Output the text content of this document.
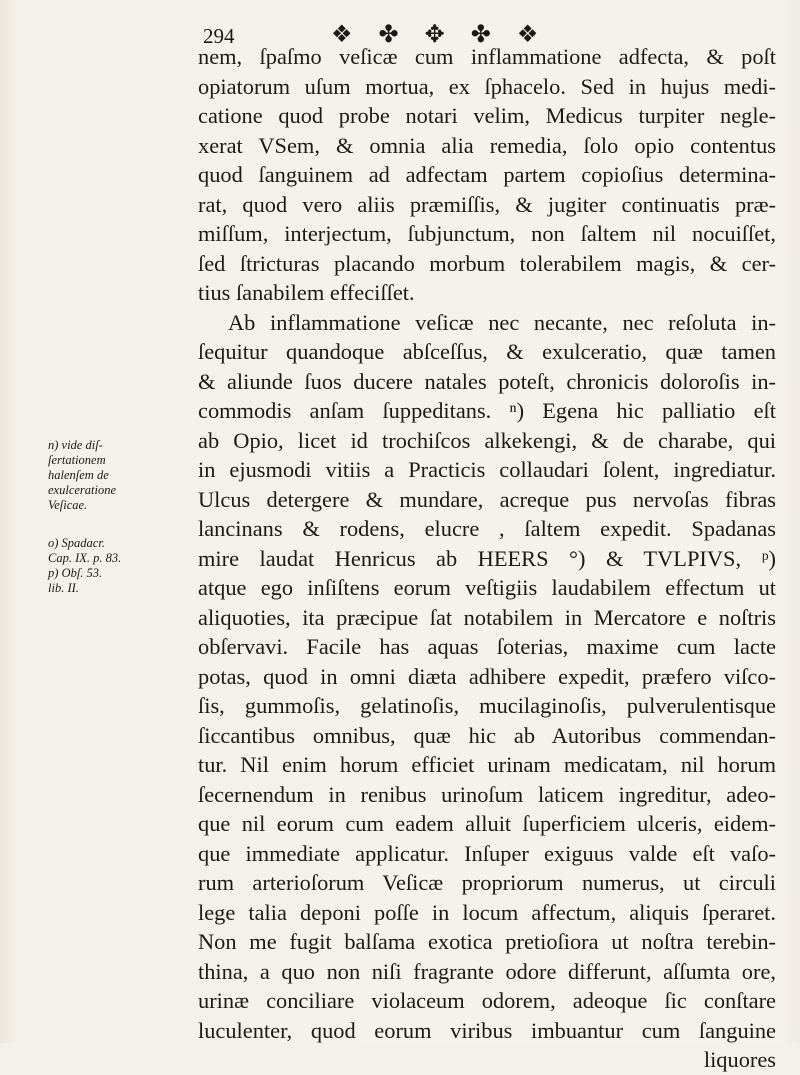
294	❖ ✤ ✥ ✤ ❖
n) vide diſ-
ſertationem
halenſem de
exulceratione
Veſicae.
o) Spadacr.
Cap. IX. p. 83.
p) Obſ. 53.
lib. II.
nem, ſpaſmo veſicæ cum inflammatione adfecta, & poſt
opiatorum uſum mortua, ex ſphacelo. Sed in hujus medi-
catione quod probe notari velim, Medicus turpiter negle-
xerat VSem, & omnia alia remedia, ſolo opio contentus
quod ſanguinem ad adfectam partem copioſius determina-
rat, quod vero aliis præmiſſis, & jugiter continuatis præ-
miſſum, interjectum, ſubjunctum, non ſaltem nil nocuiſſet,
ſed ſtricturas placando morbum tolerabilem magis, & cer-
tius ſanabilem effeciſſet.
Ab inflammatione veſicæ nec necante, nec reſoluta in-
ſequitur quandoque abſceſſus, & exulceratio, quæ tamen
& aliunde ſuos ducere natales poteſt, chronicis doloroſis in-
commodis anſam ſuppeditans. ⁿ) Egena hic palliatio eſt
ab Opio, licet id trochiſcos alkekengi, & de charabe, qui
in ejusmodi vitiis a Practicis collaudari ſolent, ingrediatur.
Ulcus detergere & mundare, acreque pus nervoſas fibras
lancinans & rodens, elucre , ſaltem expedit. Spadanas
mire laudat Henricus ab HEERS °) & TVLPIVS, ᵖ)
atque ego inſiſtens eorum veſtigiis laudabilem effectum ut
aliquoties, ita præcipue ſat notabilem in Mercatore e noſtris
obſervavi. Facile has aquas ſoterias, maxime cum lacte
potas, quod in omni diæta adhibere expedit, præfero viſco-
ſis, gummoſis, gelatinoſis, mucilaginoſis, pulverulentisque
ſiccantibus omnibus, quæ hic ab Autoribus commendan-
tur. Nil enim horum efficiet urinam medicatam, nil horum
ſecernendum in renibus urinoſum laticem ingreditur, adeo-
que nil eorum cum eadem alluit ſuperficiem ulceris, eidem-
que immediate applicatur. Inſuper exiguus valde eſt vaſo-
rum arterioſorum Veſicæ propriorum numerus, ut circuli
lege talia deponi poſſe in locum affectum, aliquis ſperaret.
Non me fugit balſama exotica pretioſiora ut noſtra terebin-
thina, a quo non niſi fragrante odore differunt, aſſumta ore,
urinæ conciliare violaceum odorem, adeoque ſic conſtare
luculenter, quod eorum viribus imbuantur cum ſanguine
liquores
